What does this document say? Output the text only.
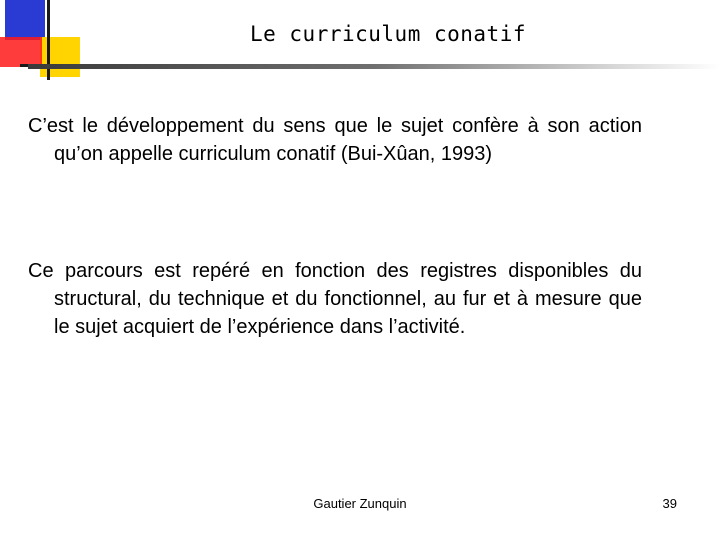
Le curriculum conatif
C’est le développement du sens que le sujet confère à son action qu’on appelle curriculum conatif (Bui-Xûan, 1993)
Ce parcours est repéré en fonction des registres disponibles du structural, du technique et du fonctionnel, au fur et à mesure que le sujet acquiert de l’expérience dans l’activité.
Gautier Zunquin	39
